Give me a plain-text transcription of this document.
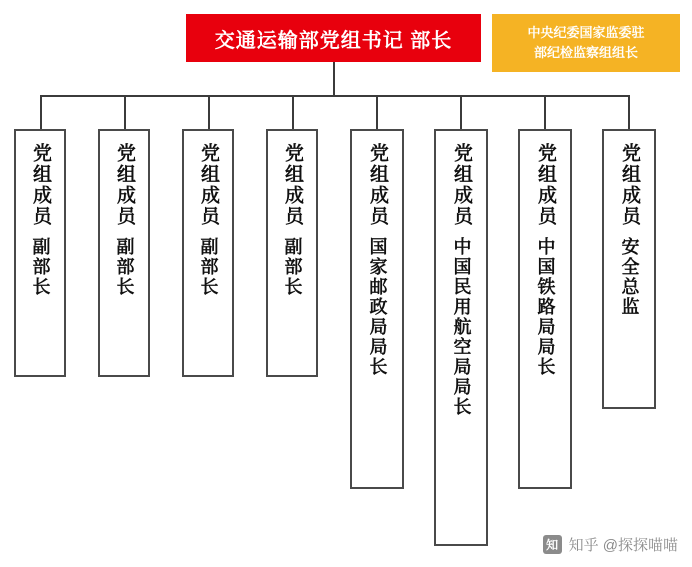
交通运输部党组书记 部长	中央纪委国家监委驻
部纪检监察组组长
党组成员
副部长
党组成员
副部长
党组成员
副部长
党组成员
副部长
党组成员
国家邮政局局长
党组成员
中国民用航空局局长
党组成员
中国铁路局局长
党组成员
安全总监
知 知乎 @探探喵喵
